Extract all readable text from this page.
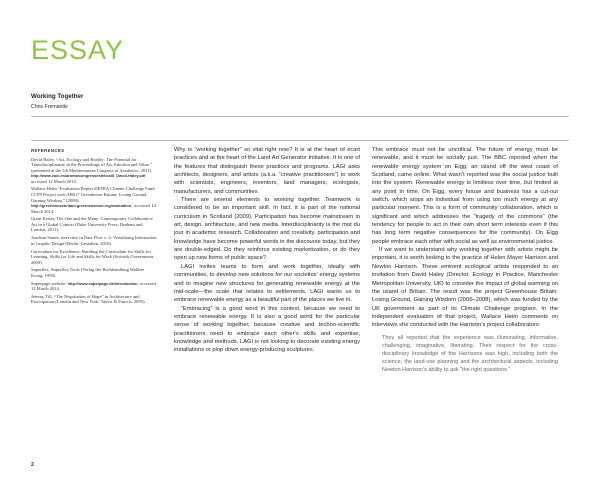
ESSAY
Working Together
Chris Fremantle
REFERENCES
David Haley, “Art, Ecology and Reality: The Potential for Transdisciplinarity in the Proceedings of Art, Emotion and Value,” (presented at the 5th Mediterranean Congress of Aesthetics, 2011). http://www.cam.es/aroma/congresoestetica/5_David-Haley.pdf accessed 12 March 2014.
Wallace Heim “Evaluation Report DEFRA Climate Challenge Fund CCF9 Project code AB017 Greenhouse Britain: Losing Ground, Gaining Wisdom,” (2008), http://greenhousebritain.greenmuseum.org/evaluation_ accessed 12 March 2014.
Grant Kester, The One and the Many: Contemporary Collaborative Art in a Global Context (Duke University Press; Durham and London, 2011).
Joachim Sauter, interview in Data Flow v. 2: Visualizing Information in Graphic Design (Berlin: Gestalten, 2010).
Curriculum for Excellence: Building the Curriculum for Skills for Learning, Skills for Life and Skills for Work (Scottish Government, 2009).
Superflex, Superflex Tools (Verlag der Buchhandlung Walther Konig, 1999).
Superpage website: http://www.superpage.dk/introduction, accessed 12 March 2014.
Jeremy Till, “The Negotiation of Hope” in Architecture and Participation (London and New York: Taylor & Francis, 2005).

Why is “working together” so vital right now? It is at the heart of ecart practices and at the heart of the Land Art Generator Initiative. It is one of the features that distinguish these practices and programs. LAGI asks architects, designers, and artists (a.k.a. “creative practitioners”) to work with scientists, engineers, inventors, land managers, ecologists, manufacturers, and communities.

There are several elements to working together. Teamwork is considered to be an important skill. In fact, it is part of the national curriculum in Scotland (2009). Participation has become mainstream in art, design, architecture, and new media. Interdisciplinarity is the mot du jour in academic research. Collaboration and creativity, participation and knowledge have become powerful words in the discourse today, but they are double-edged. Do they reinforce existing marketization, or do they open up new forms of public space?

LAGI invites teams to form and work together, ideally with communities, to develop new solutions for our societies’ energy systems and to imagine new structures for generating renewable energy at the mid-scale—the scale that relates to settlements. LAGI wants us to embrace renewable energy as a beautiful part of the places we live in.

“Embracing” is a good word in this context, because we need to embrace renewable energy. It is also a good word for the particular sense of working together, because creative and techno-scientific practitioners need to embrace each other’s skills and expertise, knowledge and methods. LAGI is not looking to decorate existing energy installations or plop down energy-producing sculptures.

This embrace must not be uncritical. The future of energy must be renewable, and it must be socially just. The BBC reported when the renewable energy system on Eigg, an island off the west coast of Scotland, came online. What wasn’t reported was the social justice built into the system. Renewable energy is limitless over time, but limited at any point in time. On Eigg, every house and business has a cut-out switch, which stops an individual from using too much energy at any particular moment. This is a form of community collaboration, which is significant and which addresses the “tragedy of the commons” (the tendency for people to act in their own short term interests even if this has long term negative consequences for the community). On Eigg people embrace each other with social as well as environmental justice.

If we want to understand why working together with artists might be important, it is worth looking to the practice of Helen Mayer Harrison and Newton Harrison. These eminent ecological artists responded to an invitation from David Haley (Director, Ecology in Practice, Manchester Metropolitan University, UK) to consider the impact of global warming on the island of Britain. The result was the project Greenhouse Britain: Losing Ground, Gaining Wisdom (2006–2008), which was funded by the UK government as part of its Climate Challenge program. In the independent evaluation of that project, Wallace Heim comments on interviews she conducted with the Harrison’s project collaborators:

They all reported that the experience was illuminating, informative, challenging, imaginative, liberating. Their respect for the cross-disciplinary knowledge of the Harrisons was high, including both the science, the land-use planning and the architectural aspects, including Newton Harrison’s ability to ask “the right questions.”
2
